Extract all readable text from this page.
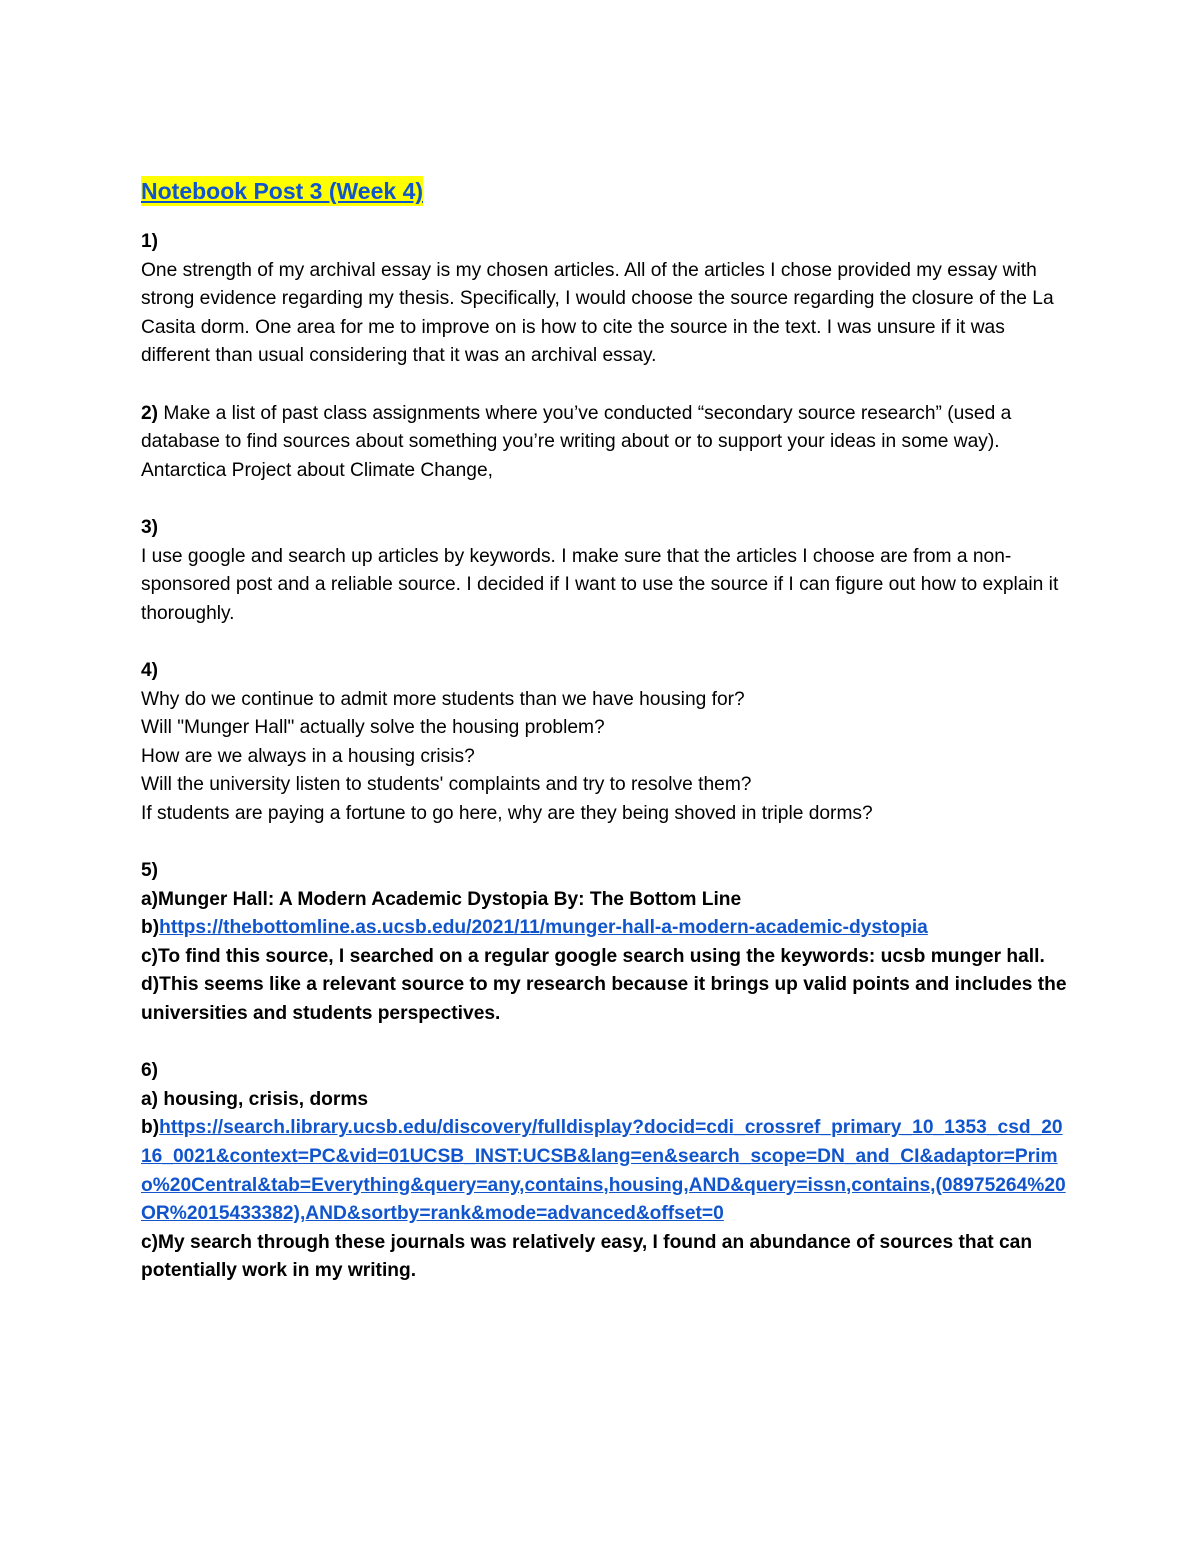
Notebook Post 3 (Week 4)

1)

One strength of my archival essay is my chosen articles. All of the articles I chose provided my essay with strong evidence regarding my thesis. Specifically, I would choose the source regarding the closure of the La Casita dorm. One area for me to improve on is how to cite the source in the text. I was unsure if it was different than usual considering that it was an archival essay.

2) Make a list of past class assignments where you’ve conducted “secondary source research” (used a database to find sources about something you’re writing about or to support your ideas in some way).

Antarctica Project about Climate Change,

3)

I use google and search up articles by keywords. I make sure that the articles I choose are from a non-sponsored post and a reliable source. I decided if I want to use the source if I can figure out how to explain it thoroughly.

4)

Why do we continue to admit more students than we have housing for?

Will "Munger Hall" actually solve the housing problem?

How are we always in a housing crisis?

Will the university listen to students' complaints and try to resolve them?

If students are paying a fortune to go here, why are they being shoved in triple dorms?

5)

a)Munger Hall: A Modern Academic Dystopia By: The Bottom Line

b)https://thebottomline.as.ucsb.edu/2021/11/munger-hall-a-modern-academic-dystopia

c)To find this source, I searched on a regular google search using the keywords: ucsb munger hall.

d)This seems like a relevant source to my research because it brings up valid points and includes the universities and students perspectives.

6)

a) housing, crisis, dorms

b)https://search.library.ucsb.edu/discovery/fulldisplay?docid=cdi_crossref_primary_10_1353_csd_2016_0021&context=PC&vid=01UCSB_INST:UCSB&lang=en&search_scope=DN_and_CI&adaptor=Primo%20Central&tab=Everything&query=any,contains,housing,AND&query=issn,contains,(08975264%20OR%2015433382),AND&sortby=rank&mode=advanced&offset=0

c)My search through these journals was relatively easy, I found an abundance of sources that can potentially work in my writing.
